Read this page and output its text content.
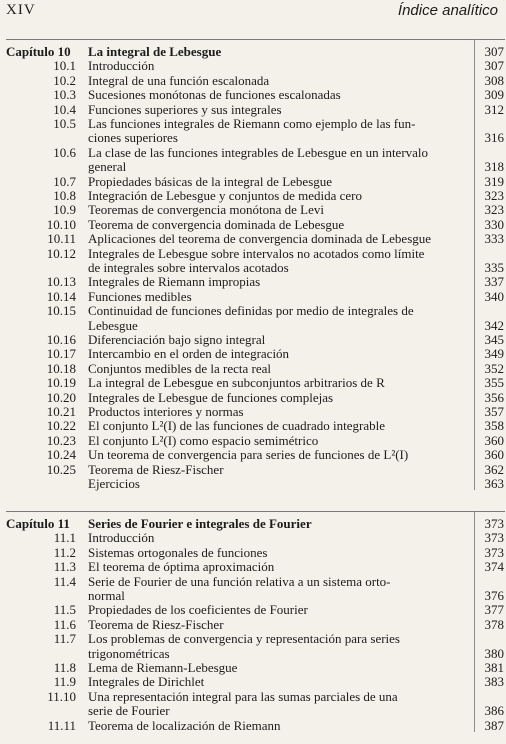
XIV	Índice analítico
Capítulo 10 La integral de Lebesgue	307
10.1 Introducción	307
10.2 Integral de una función escalonada	308
10.3 Sucesiones monótonas de funciones escalonadas	309
10.4 Funciones superiores y sus integrales	312
10.5 Las funciones integrales de Riemann como ejemplo de las fun-
ciones superiores	316
10.6 La clase de las funciones integrables de Lebesgue en un intervalo
general	318
10.7 Propiedades básicas de la integral de Lebesgue	319
10.8 Integración de Lebesgue y conjuntos de medida cero	323
10.9 Teoremas de convergencia monótona de Levi	323
10.10 Teorema de convergencia dominada de Lebesgue	330
10.11 Aplicaciones del teorema de convergencia dominada de Lebesgue	333
10.12 Integrales de Lebesgue sobre intervalos no acotados como límite
de integrales sobre intervalos acotados	335
10.13 Integrales de Riemann impropias	337
10.14 Funciones medibles	340
10.15 Continuidad de funciones definidas por medio de integrales de
Lebesgue	342
10.16 Diferenciación bajo signo integral	345
10.17 Intercambio en el orden de integración	349
10.18 Conjuntos medibles de la recta real	352
10.19 La integral de Lebesgue en subconjuntos arbitrarios de R	355
10.20 Integrales de Lebesgue de funciones complejas	356
10.21 Productos interiores y normas	357
10.22 El conjunto L²(I) de las funciones de cuadrado integrable	358
10.23 El conjunto L²(I) como espacio semimétrico	360
10.24 Un teorema de convergencia para series de funciones de L²(I)	360
10.25 Teorema de Riesz-Fischer	362
Ejercicios	363
Capítulo 11 Series de Fourier e integrales de Fourier	373
11.1 Introducción	373
11.2 Sistemas ortogonales de funciones	373
11.3 El teorema de óptima aproximación	374
11.4 Serie de Fourier de una función relativa a un sistema orto-
normal	376
11.5 Propiedades de los coeficientes de Fourier	377
11.6 Teorema de Riesz-Fischer	378
11.7 Los problemas de convergencia y representación para series
trigonométricas	380
11.8 Lema de Riemann-Lebesgue	381
11.9 Integrales de Dirichlet	383
11.10 Una representación integral para las sumas parciales de una
serie de Fourier	386
11.11 Teorema de localización de Riemann	387
